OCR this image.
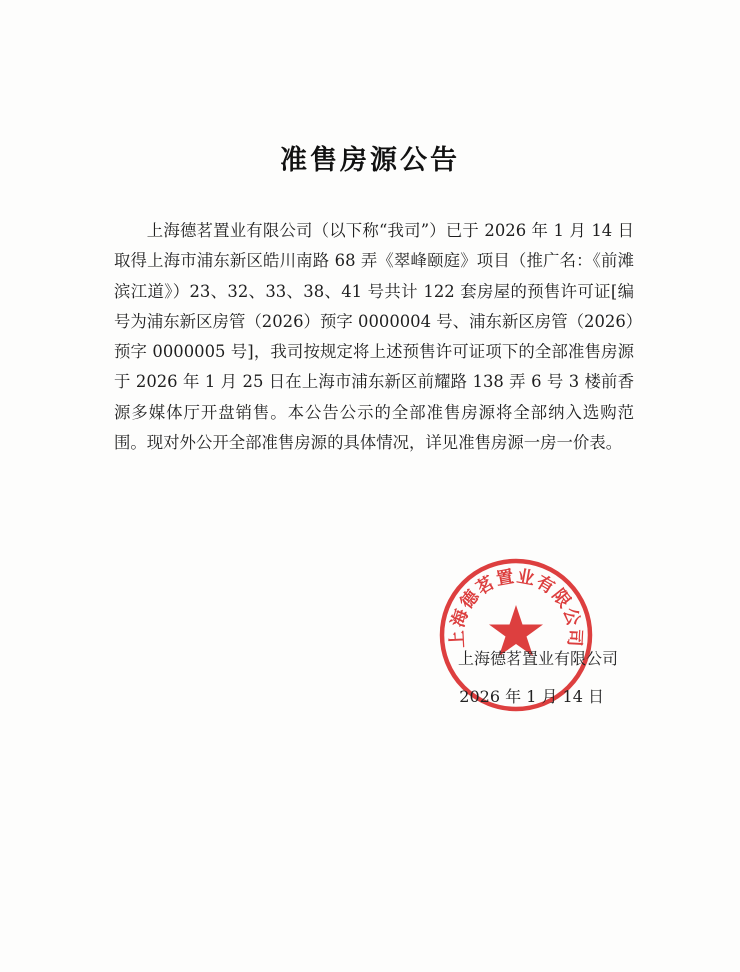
准售房源公告

上海德茗置业有限公司（以下称“我司”）已于 2026 年 1 月 14 日取得上海市浦东新区皓川南路 68 弄《翠峰颐庭》项目（推广名：《前滩滨江道》）23、32、33、38、41 号共计 122 套房屋的预售许可证[编号为浦东新区房管（2026）预字 0000004 号、浦东新区房管（2026）预字 0000005 号]，我司按规定将上述预售许可证项下的全部准售房源于 2026 年 1 月 25 日在上海市浦东新区前耀路 138 弄 6 号 3 楼前香源多媒体厅开盘销售。本公告公示的全部准售房源将全部纳入选购范围。现对外公开全部准售房源的具体情况，详见准售房源一房一价表。

上海德茗置业有限公司
上海德茗置业有限公司
2026 年 1 月 14 日
